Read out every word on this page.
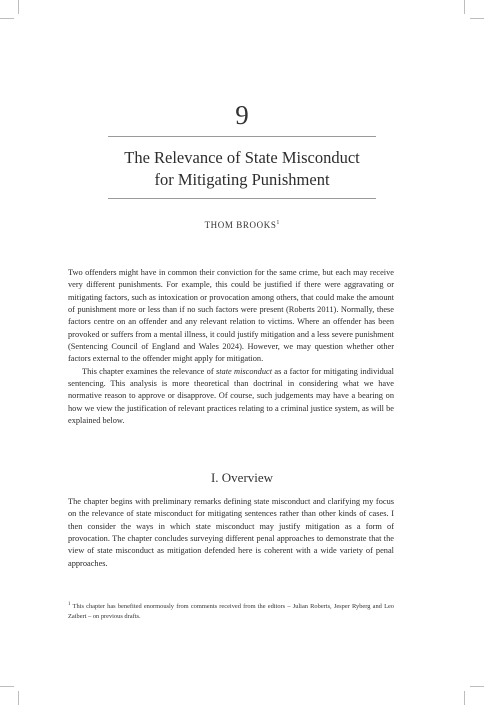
9
The Relevance of State Misconduct
for Mitigating Punishment
THOM BROOKS$^1$

Two offenders might have in common their conviction for the same crime, but each may receive very different punishments. For example, this could be justified if there were aggravating or mitigating factors, such as intoxication or provocation among others, that could make the amount of punishment more or less than if no such factors were present (Roberts 2011). Normally, these factors centre on an offender and any relevant relation to victims. Where an offender has been provoked or suffers from a mental illness, it could justify mitigation and a less severe punishment (Sentencing Council of England and Wales 2024). However, we may question whether other factors external to the offender might apply for mitigation.

This chapter examines the relevance of state misconduct as a factor for mitigating individual sentencing. This analysis is more theoretical than doctrinal in considering what we have normative reason to approve or disapprove. Of course, such judgements may have a bearing on how we view the justification of relevant practices relating to a criminal justice system, as will be explained below.

I. Overview

The chapter begins with preliminary remarks defining state misconduct and clarifying my focus on the relevance of state misconduct for mitigating sentences rather than other kinds of cases. I then consider the ways in which state misconduct may justify mitigation as a form of provocation. The chapter concludes surveying different penal approaches to demonstrate that the view of state misconduct as mitigation defended here is coherent with a wide variety of penal approaches.

$^1$ This chapter has benefited enormously from comments received from the editors – Julian Roberts, Jesper Ryberg and Leo Zaibert – on previous drafts.
